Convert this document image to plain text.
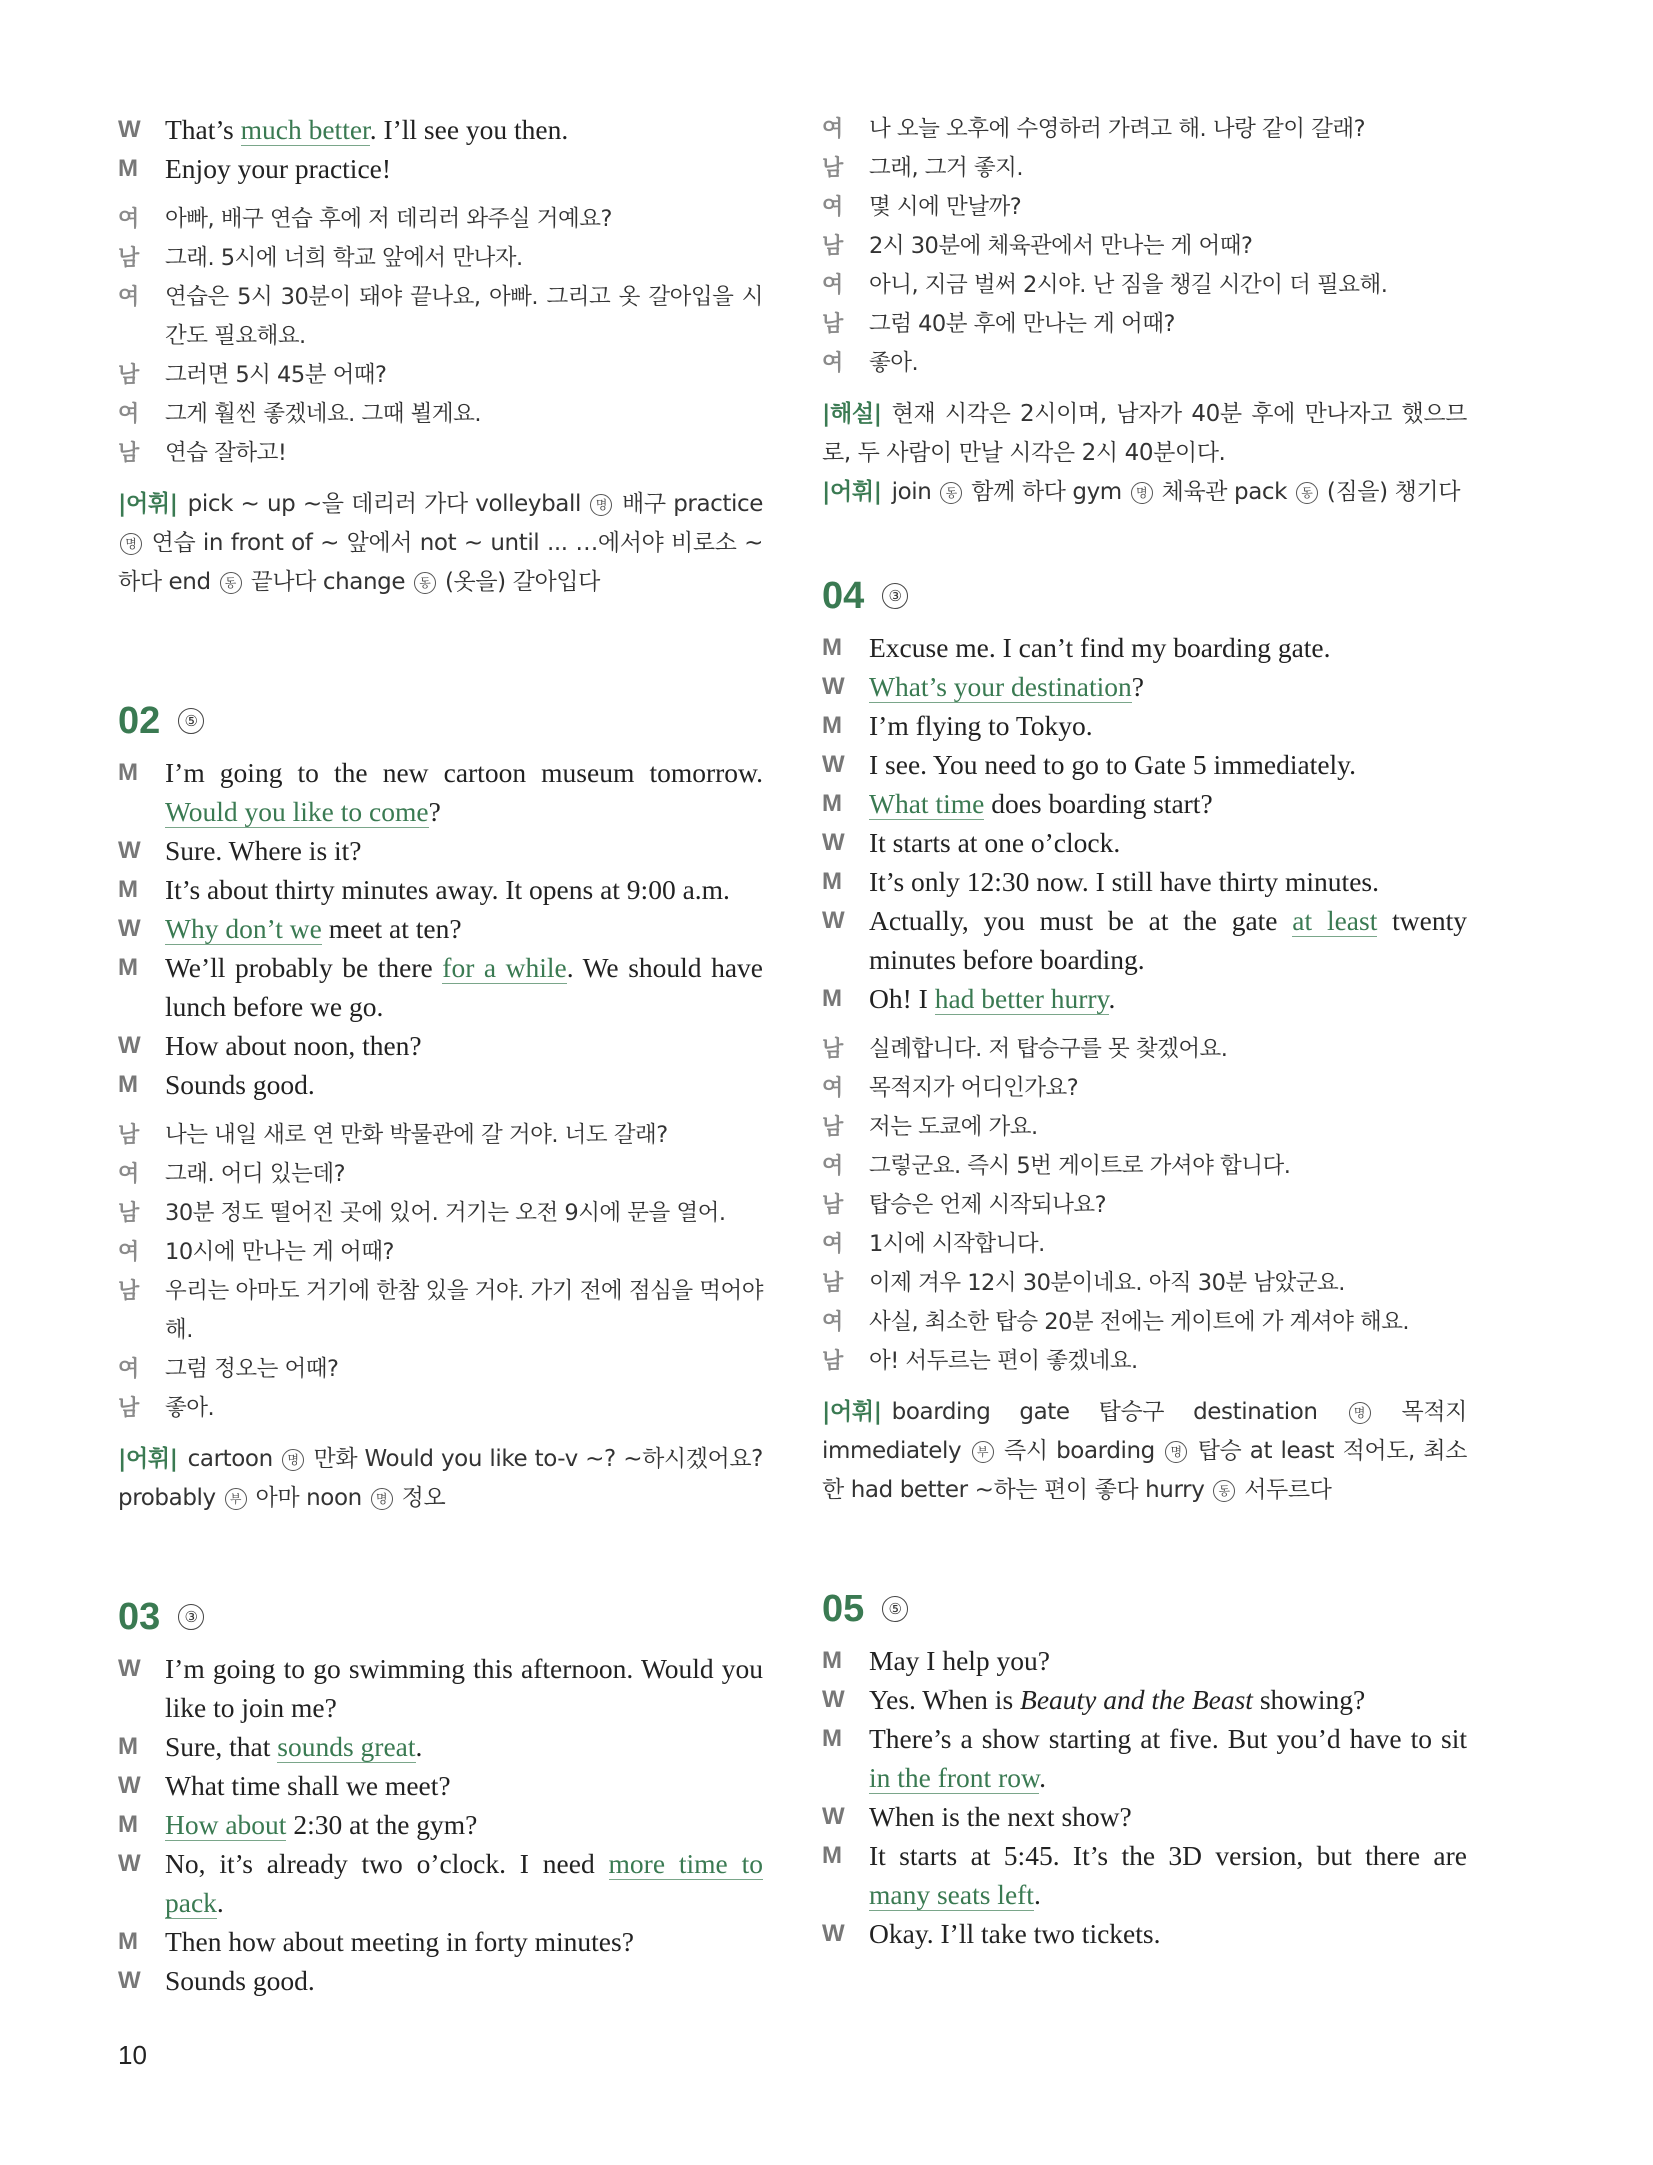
W That’s much better. I’ll see you then.
M Enjoy your practice!
여	아빠, 배구 연습 후에 저 데리러 와주실 거예요?
남	그래. 5시에 너희 학교 앞에서 만나자.
여	연습은 5시 30분이 돼야 끝나요, 아빠. 그리고 옷 갈아입을 시간도 필요해요.
남	그러면 5시 45분 어때?
여	그게 훨씬 좋겠네요. 그때 뵐게요.
남	연습 잘하고!
|어휘| pick ~ up ~을 데리러 가다 volleyball 명 배구 practice 명 연습 in front of ~ 앞에서 not ~ until ... …에서야 비로소 ~하다 end 동 끝나다 change 동 (옷을) 갈아입다
02	⑤
M I’m going to the new cartoon museum tomorrow. Would you like to come?
W Sure. Where is it?
M It’s about thirty minutes away. It opens at 9:00 a.m.
W Why don’t we meet at ten?
M We’ll probably be there for a while. We should have lunch before we go.
W How about noon, then?
M Sounds good.
남	나는 내일 새로 연 만화 박물관에 갈 거야. 너도 갈래?
여	그래. 어디 있는데?
남	30분 정도 떨어진 곳에 있어. 거기는 오전 9시에 문을 열어.
여	10시에 만나는 게 어때?
남	우리는 아마도 거기에 한참 있을 거야. 가기 전에 점심을 먹어야 해.
여	그럼 정오는 어때?
남	좋아.
|어휘| cartoon 명 만화 Would you like to-v ~? ~하시겠어요? probably 부 아마 noon 명 정오
03	③
W I’m going to go swimming this afternoon. Would you like to join me?
M Sure, that sounds great.
W What time shall we meet?
M How about 2:30 at the gym?
W No, it’s already two o’clock. I need more time to pack.
M Then how about meeting in forty minutes?
W Sounds good.
여	나 오늘 오후에 수영하러 가려고 해. 나랑 같이 갈래?
남	그래, 그거 좋지.
여	몇 시에 만날까?
남	2시 30분에 체육관에서 만나는 게 어때?
여	아니, 지금 벌써 2시야. 난 짐을 챙길 시간이 더 필요해.
남	그럼 40분 후에 만나는 게 어때?
여	좋아.
|해설| 현재 시각은 2시이며, 남자가 40분 후에 만나자고 했으므로, 두 사람이 만날 시각은 2시 40분이다.
|어휘| join 동 함께 하다 gym 명 체육관 pack 동 (짐을) 챙기다
04	③
M Excuse me. I can’t find my boarding gate.
W What’s your destination?
M I’m flying to Tokyo.
W I see. You need to go to Gate 5 immediately.
M What time does boarding start?
W It starts at one o’clock.
M It’s only 12:30 now. I still have thirty minutes.
W Actually, you must be at the gate at least twenty minutes before boarding.
M Oh! I had better hurry.
남	실례합니다. 저 탑승구를 못 찾겠어요.
여	목적지가 어디인가요?
남	저는 도쿄에 가요.
여	그렇군요. 즉시 5번 게이트로 가셔야 합니다.
남	탑승은 언제 시작되나요?
여	1시에 시작합니다.
남	이제 겨우 12시 30분이네요. 아직 30분 남았군요.
여	사실, 최소한 탑승 20분 전에는 게이트에 가 계셔야 해요.
남	아! 서두르는 편이 좋겠네요.
|어휘| boarding gate 탑승구 destination 명 목적지 immediately 부 즉시 boarding 명 탑승 at least 적어도, 최소한 had better ~하는 편이 좋다 hurry 동 서두르다
05	⑤
M May I help you?
W Yes. When is Beauty and the Beast showing?
M There’s a show starting at five. But you’d have to sit in the front row.
W When is the next show?
M It starts at 5:45. It’s the 3D version, but there are many seats left.
W Okay. I’ll take two tickets.
10
